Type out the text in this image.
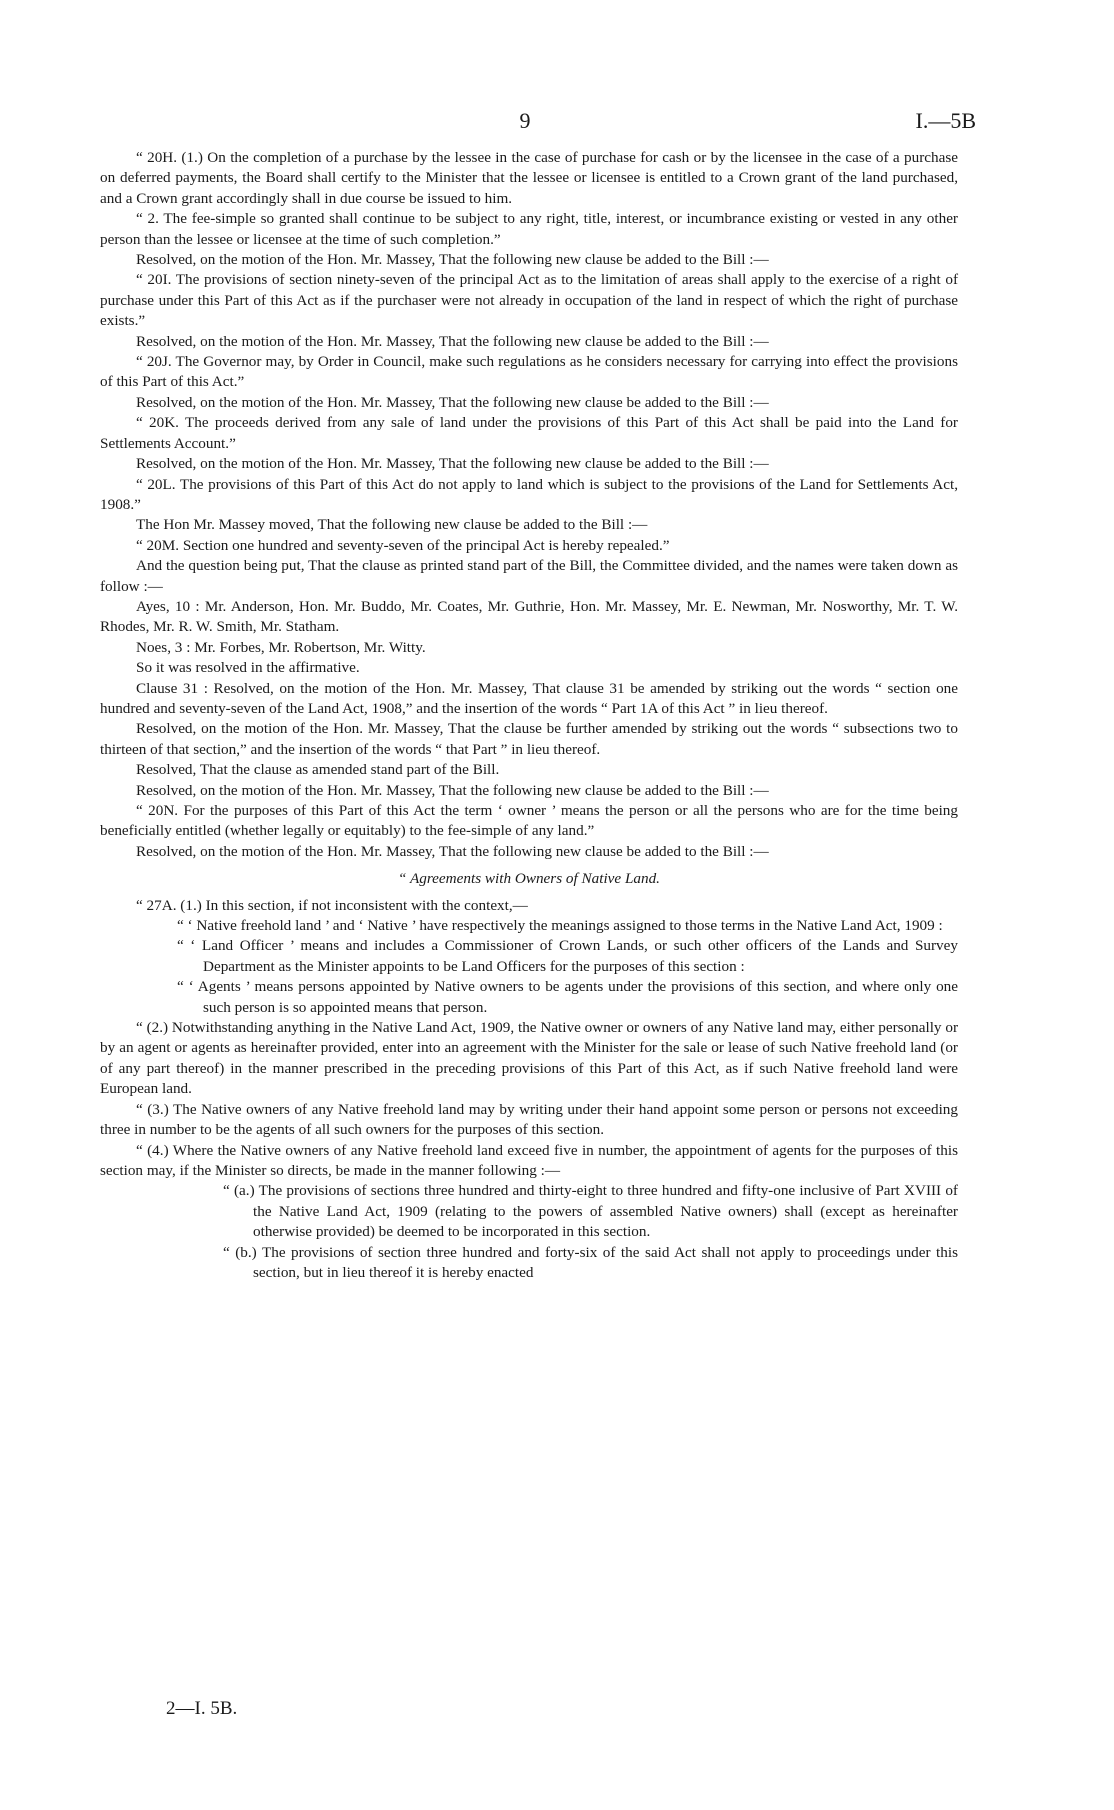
9	I.—5B

“ 20H. (1.) On the completion of a purchase by the lessee in the case of purchase for cash or by the licensee in the case of a purchase on deferred payments, the Board shall certify to the Minister that the lessee or licensee is entitled to a Crown grant of the land purchased, and a Crown grant accordingly shall in due course be issued to him.

“ 2. The fee-simple so granted shall continue to be subject to any right, title, interest, or incumbrance existing or vested in any other person than the lessee or licensee at the time of such completion.”

Resolved, on the motion of the Hon. Mr. Massey, That the following new clause be added to the Bill :—

“ 20I. The provisions of section ninety-seven of the principal Act as to the limitation of areas shall apply to the exercise of a right of purchase under this Part of this Act as if the purchaser were not already in occupation of the land in respect of which the right of purchase exists.”

Resolved, on the motion of the Hon. Mr. Massey, That the following new clause be added to the Bill :—

“ 20J. The Governor may, by Order in Council, make such regulations as he considers necessary for carrying into effect the provisions of this Part of this Act.”

Resolved, on the motion of the Hon. Mr. Massey, That the following new clause be added to the Bill :—

“ 20K. The proceeds derived from any sale of land under the provisions of this Part of this Act shall be paid into the Land for Settlements Account.”

Resolved, on the motion of the Hon. Mr. Massey, That the following new clause be added to the Bill :—

“ 20L. The provisions of this Part of this Act do not apply to land which is subject to the provisions of the Land for Settlements Act, 1908.”

The Hon Mr. Massey moved, That the following new clause be added to the Bill :—

“ 20M. Section one hundred and seventy-seven of the principal Act is hereby repealed.”

And the question being put, That the clause as printed stand part of the Bill, the Committee divided, and the names were taken down as follow :—

Ayes, 10 : Mr. Anderson, Hon. Mr. Buddo, Mr. Coates, Mr. Guthrie, Hon. Mr. Massey, Mr. E. Newman, Mr. Nosworthy, Mr. T. W. Rhodes, Mr. R. W. Smith, Mr. Statham.

Noes, 3 : Mr. Forbes, Mr. Robertson, Mr. Witty.

So it was resolved in the affirmative.

Clause 31 : Resolved, on the motion of the Hon. Mr. Massey, That clause 31 be amended by striking out the words “ section one hundred and seventy-seven of the Land Act, 1908,” and the insertion of the words “ Part 1A of this Act ” in lieu thereof.

Resolved, on the motion of the Hon. Mr. Massey, That the clause be further amended by striking out the words “ subsections two to thirteen of that section,” and the insertion of the words “ that Part ” in lieu thereof.

Resolved, That the clause as amended stand part of the Bill.

Resolved, on the motion of the Hon. Mr. Massey, That the following new clause be added to the Bill :—

“ 20N. For the purposes of this Part of this Act the term ‘ owner ’ means the person or all the persons who are for the time being beneficially entitled (whether legally or equitably) to the fee-simple of any land.”

Resolved, on the motion of the Hon. Mr. Massey, That the following new clause be added to the Bill :—

“ Agreements with Owners of Native Land.

“ 27A. (1.) In this section, if not inconsistent with the context,—

“ ‘ Native freehold land ’ and ‘ Native ’ have respectively the meanings assigned to those terms in the Native Land Act, 1909 :

“ ‘ Land Officer ’ means and includes a Commissioner of Crown Lands, or such other officers of the Lands and Survey Department as the Minister appoints to be Land Officers for the purposes of this section :

“ ‘ Agents ’ means persons appointed by Native owners to be agents under the provisions of this section, and where only one such person is so appointed means that person.

“ (2.) Notwithstanding anything in the Native Land Act, 1909, the Native owner or owners of any Native land may, either personally or by an agent or agents as hereinafter provided, enter into an agreement with the Minister for the sale or lease of such Native freehold land (or of any part thereof) in the manner prescribed in the preceding provisions of this Part of this Act, as if such Native freehold land were European land.

“ (3.) The Native owners of any Native freehold land may by writing under their hand appoint some person or persons not exceeding three in number to be the agents of all such owners for the purposes of this section.

“ (4.) Where the Native owners of any Native freehold land exceed five in number, the appointment of agents for the purposes of this section may, if the Minister so directs, be made in the manner following :—

“ (a.) The provisions of sections three hundred and thirty-eight to three hundred and fifty-one inclusive of Part XVIII of the Native Land Act, 1909 (relating to the powers of assembled Native owners) shall (except as hereinafter otherwise provided) be deemed to be incorporated in this section.

“ (b.) The provisions of section three hundred and forty-six of the said Act shall not apply to proceedings under this section, but in lieu thereof it is hereby enacted

2—I. 5B.
